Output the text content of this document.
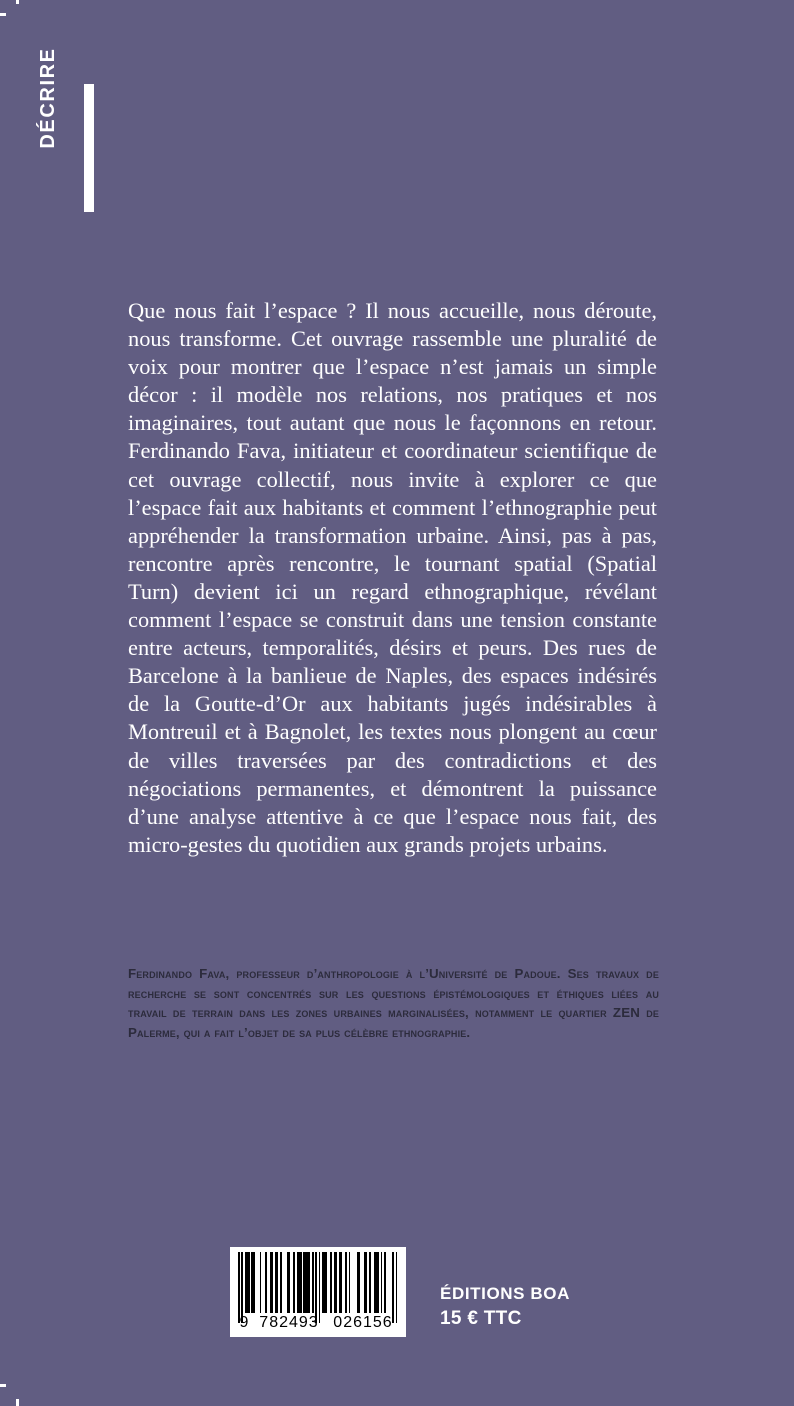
DÉCRIRE

Que nous fait l’espace ? Il nous accueille, nous déroute, nous transforme. Cet ouvrage rassemble une pluralité de voix pour montrer que l’espace n’est jamais un simple décor : il modèle nos relations, nos pratiques et nos imaginaires, tout autant que nous le façonnons en retour. Ferdinando Fava, initiateur et coordinateur scientifique de cet ouvrage collectif, nous invite à explorer ce que l’espace fait aux habitants et comment l’ethnographie peut appréhender la transformation urbaine. Ainsi, pas à pas, rencontre après rencontre, le tournant spatial (Spatial Turn) devient ici un regard ethnographique, révélant comment l’espace se construit dans une tension constante entre acteurs, temporalités, désirs et peurs. Des rues de Barcelone à la banlieue de Naples, des espaces indésirés de la Goutte-d’Or aux habitants jugés indésirables à Montreuil et à Bagnolet, les textes nous plongent au cœur de villes traversées par des contradictions et des négociations permanentes, et démontrent la puissance d’une analyse attentive à ce que l’espace nous fait, des micro-gestes du quotidien aux grands projets urbains.

Ferdinando Fava, professeur d’anthropologie à l’Université de Padoue. Ses travaux de recherche se sont concentrés sur les questions épistémologiques et éthiques liées au travail de terrain dans les zones urbaines marginalisées, notamment le quartier ZEN de Palerme, qui a fait l’objet de sa plus célèbre ethnographie.

9 782493 026156
ÉDITIONS BOA
15 € TTC
